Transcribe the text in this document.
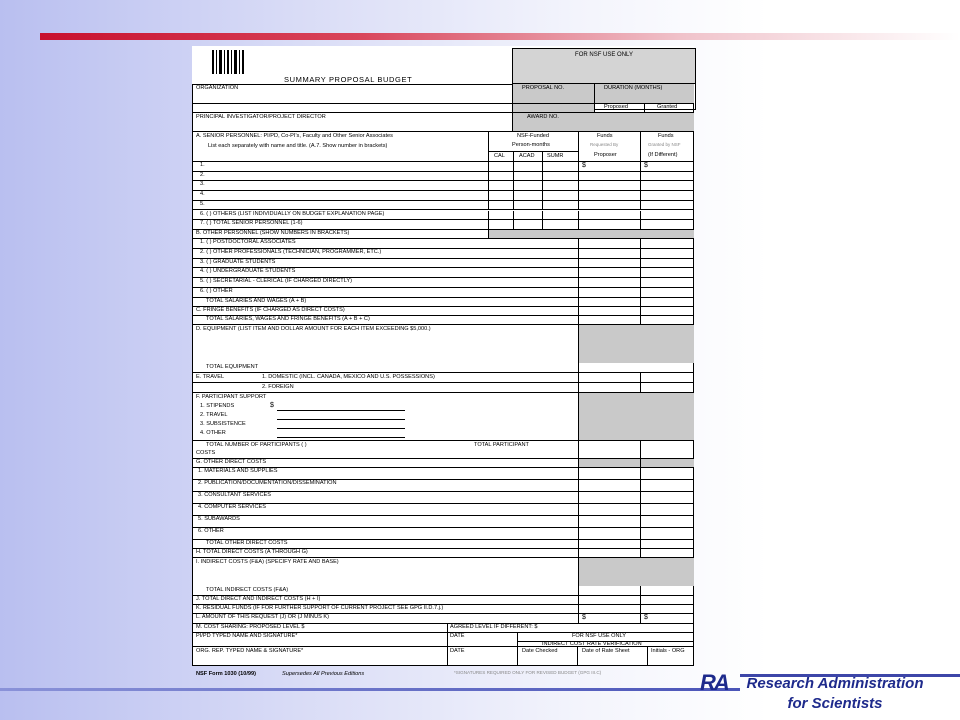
RA	Research Administration
for Scientists
SUMMARY PROPOSAL BUDGET
FOR NSF USE ONLY
ORGANIZATION	PROPOSAL NO.	DURATION (MONTHS)
Proposed	Granted
PRINCIPAL INVESTIGATOR/PROJECT DIRECTOR	AWARD NO.
A. SENIOR PERSONNEL: PI/PD, Co-PI's, Faculty and Other Senior Associates
List each separately with name and title. (A.7. Show number in brackets)
NSF-Funded
Person-months
Funds
Requested By
Proposer
Funds
Granted by NSF
(If Different)
CAL	ACAD SUMR
1.	$	$
2.
3.
4.
5.
6. ( ) OTHERS (LIST INDIVIDUALLY ON BUDGET EXPLANATION PAGE)
7. ( ) TOTAL SENIOR PERSONNEL (1-6)
B. OTHER PERSONNEL (SHOW NUMBERS IN BRACKETS)
1. ( ) POSTDOCTORAL ASSOCIATES
2. ( ) OTHER PROFESSIONALS (TECHNICIAN, PROGRAMMER, ETC.)
3. ( ) GRADUATE STUDENTS
4. ( ) UNDERGRADUATE STUDENTS
5. ( ) SECRETARIAL - CLERICAL (IF CHARGED DIRECTLY)
6. ( ) OTHER
TOTAL SALARIES AND WAGES (A + B)
C. FRINGE BENEFITS (IF CHARGED AS DIRECT COSTS)
TOTAL SALARIES, WAGES AND FRINGE BENEFITS (A + B + C)
D. EQUIPMENT (LIST ITEM AND DOLLAR AMOUNT FOR EACH ITEM EXCEEDING $5,000.)
TOTAL EQUIPMENT
E. TRAVEL	1. DOMESTIC (INCL. CANADA, MEXICO AND U.S. POSSESSIONS)
2. FOREIGN
F. PARTICIPANT SUPPORT
1. STIPENDS
2. TRAVEL
3. SUBSISTENCE
4. OTHER
$
TOTAL NUMBER OF PARTICIPANTS ( )	TOTAL PARTICIPANT
COSTS
G. OTHER DIRECT COSTS
1. MATERIALS AND SUPPLIES
2. PUBLICATION/DOCUMENTATION/DISSEMINATION
3. CONSULTANT SERVICES
4. COMPUTER SERVICES
5. SUBAWARDS
6. OTHER
TOTAL OTHER DIRECT COSTS
H. TOTAL DIRECT COSTS (A THROUGH G)
I. INDIRECT COSTS (F&A) (SPECIFY RATE AND BASE)
TOTAL INDIRECT COSTS (F&A)
J. TOTAL DIRECT AND INDIRECT COSTS (H + I)
K. RESIDUAL FUNDS (IF FOR FURTHER SUPPORT OF CURRENT PROJECT SEE GPG II.D.7.j.)
L. AMOUNT OF THIS REQUEST (J) OR (J MINUS K)	$	$
M. COST SHARING: PROPOSED LEVEL $	AGREED LEVEL IF DIFFERENT: $
PI/PD TYPED NAME AND SIGNATURE*	DATE	FOR NSF USE ONLY
INDIRECT COST RATE VERIFICATION
ORG. REP. TYPED NAME & SIGNATURE*	DATE	Date Checked	Date of Rate Sheet	Initials - ORG
NSF Form 1030 (10/99)	Supersedes All Previous Editions	*SIGNATURES REQUIRED ONLY FOR REVISED BUDGET (GPG III.C)
